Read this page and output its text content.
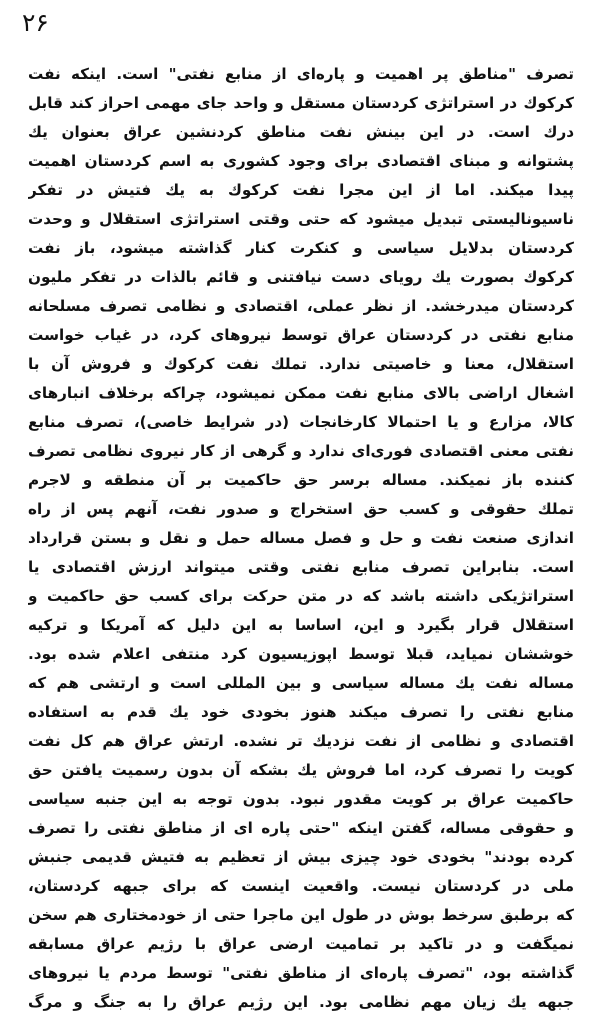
۲۶
تصرف "مناطق پر اهمیت و پاره‌ای از منابع نفتی" است. اینکه نفت
کرکوك در استراتژی کردستان مستقل و واحد جای مهمی احراز کند قابل
درك است. در این بینش نفت مناطق کردنشین عراق بعنوان یك
پشتوانه و مبنای اقتصادی برای وجود کشوری به اسم کردستان اهمیت
پیدا میکند. اما از این مجرا نفت کرکوك به یك فتیش در تفکر
ناسیونالیستی تبدیل میشود که حتی وقتی استراتژی استقلال و وحدت
کردستان بدلایل سیاسی و کنکرت کنار گذاشته میشود، باز نفت
کرکوك بصورت یك رویای دست نیافتنی و قائم بالذات در تفکر ملیون
کردستان میدرخشد. از نظر عملی، اقتصادی و نظامی تصرف مسلحانه
منابع نفتی در کردستان عراق توسط نیروهای کرد، در غیاب خواست
استقلال، معنا و خاصیتی ندارد. تملك نفت کرکوك و فروش آن با
اشغال اراضی بالای منابع نفت ممکن نمیشود، چراکه برخلاف انبارهای
کالا، مزارع و یا احتمالا کارخانجات (در شرایط خاصی)، تصرف منابع
نفتی معنی اقتصادی فوری‌ای ندارد و گرهی از کار نیروی نظامی تصرف
کننده باز نمیکند. مساله برسر حق حاکمیت بر آن منطقه و لاجرم
تملك حقوقی و کسب حق استخراج و صدور نفت، آنهم پس از راه
اندازی صنعت نفت و حل و فصل مساله حمل و نقل و بستن قرارداد
است. بنابراین تصرف منابع نفتی وقتی میتواند ارزش اقتصادی یا
استراتژیکی داشته باشد که در متن حرکت برای کسب حق حاکمیت و
استقلال قرار بگیرد و این، اساسا به این دلیل که آمریکا و ترکیه
خوششان نمیاید، قبلا توسط اپوزیسیون کرد منتفی اعلام شده بود.
مساله نفت یك مساله سیاسی و بین المللی است و ارتشی هم که
منابع نفتی را تصرف میکند هنوز بخودی خود یك قدم به استفاده
اقتصادی و نظامی از نفت نزدیك تر نشده. ارتش عراق هم کل نفت
کویت را تصرف کرد، اما فروش یك بشکه آن بدون رسمیت یافتن حق
حاکمیت عراق بر کویت مقدور نبود. بدون توجه به این جنبه سیاسی
و حقوقی مساله، گفتن اینکه "حتی پاره ای از مناطق نفتی را تصرف
کرده بودند" بخودی خود چیزی بیش از تعظیم به فتیش قدیمی جنبش
ملی در کردستان نیست. واقعیت اینست که برای جبهه کردستان،
که برطبق سرخط بوش در طول این ماجرا حتی از خودمختاری هم سخن
نمیگفت و در تاکید بر تمامیت ارضی عراق با رژیم عراق مسابقه
گذاشته بود، "تصرف پاره‌ای از مناطق نفتی" توسط مردم یا نیروهای
جبهه یك زیان مهم نظامی بود. این رژیم عراق را به جنگ و مرگ
